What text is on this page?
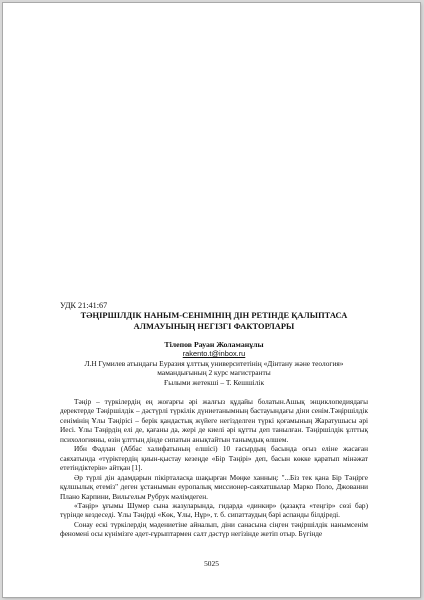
УДК 21:41:67

ТӘҢІРШІЛДІК НАНЫМ-СЕНІМІНІҢ ДІН РЕТІНДЕ ҚАЛЫПТАСА

АЛМАУЫНЫҢ НЕГІЗГІ ФАКТОРЛАРЫ

Тілепов Рауан Жоламанұлы

rakento.t@inbox.ru

Л.Н Гумилев атындағы Еуразия ұлттық университетінің «Дінтану және теология»

мамандығының 2 курс магистранты

Ғылыми жетекші – Т. Кешшілік

Тәңір – түркілердің ең жоғарғы әрі жалғыз құдайы болатын.Ашық энциклопедиядағы деректерде Тәңіршілдік – дәстүрлі түркілік дүниетанымның бастауындағы діни сенім.Тәңіршілдік сенімінің Ұлы Тәңірісі – берік қандастық жүйеге негізделген түркі қоғамының Жаратушысы әрі Иесі. Ұлы Тәңірдің елі де, қағаны да, жері де киелі әрі құтты деп танылған. Тәңіршілдік ұлттық психологияны, өзін ұлттың дінде сипатын анықтайтын танымдық өлшем.

Ибн Фадлан (Аббас халифатының елшісі) 10 ғасырдың басында оғыз еліне жасаған саяхатында «түріктердің қиын-қыстау кезеңде «Бір Тәңірі» деп, басын көкке қаратып мінәжат ететіндіктерін» айтқан [1].

Әр түрлі дін адамдарын пікірталасқа шақырған Мөңке ханның: "...Біз тек қана Бір Тәңірге құлшылық етеміз" деген ұстанымын еуропалық миссионер-саяхатшылар Марко Поло, Джованни Плано Карпини, Вильгельм Рубрук мәлімдеген.

«Тәңір» ұғымы Шумер сына жазуларында, гидарда «динкир» (қазақта «теңгір» сөзі бар) түрінде кездеседі. Ұлы Тәңірді «Көк, Ұлы, Нұр», т. б. сипаттаудың бәрі аспанды білдіреді.

Сонау ескі түркілердің мәдениетіне айналып, діни санасына сіңген тәңіршілдік нанымсенім феномені осы күнімізге әдет-ғұрыптармен салт дәстүр негізінде жетіп отыр. Бүгінде

5025
